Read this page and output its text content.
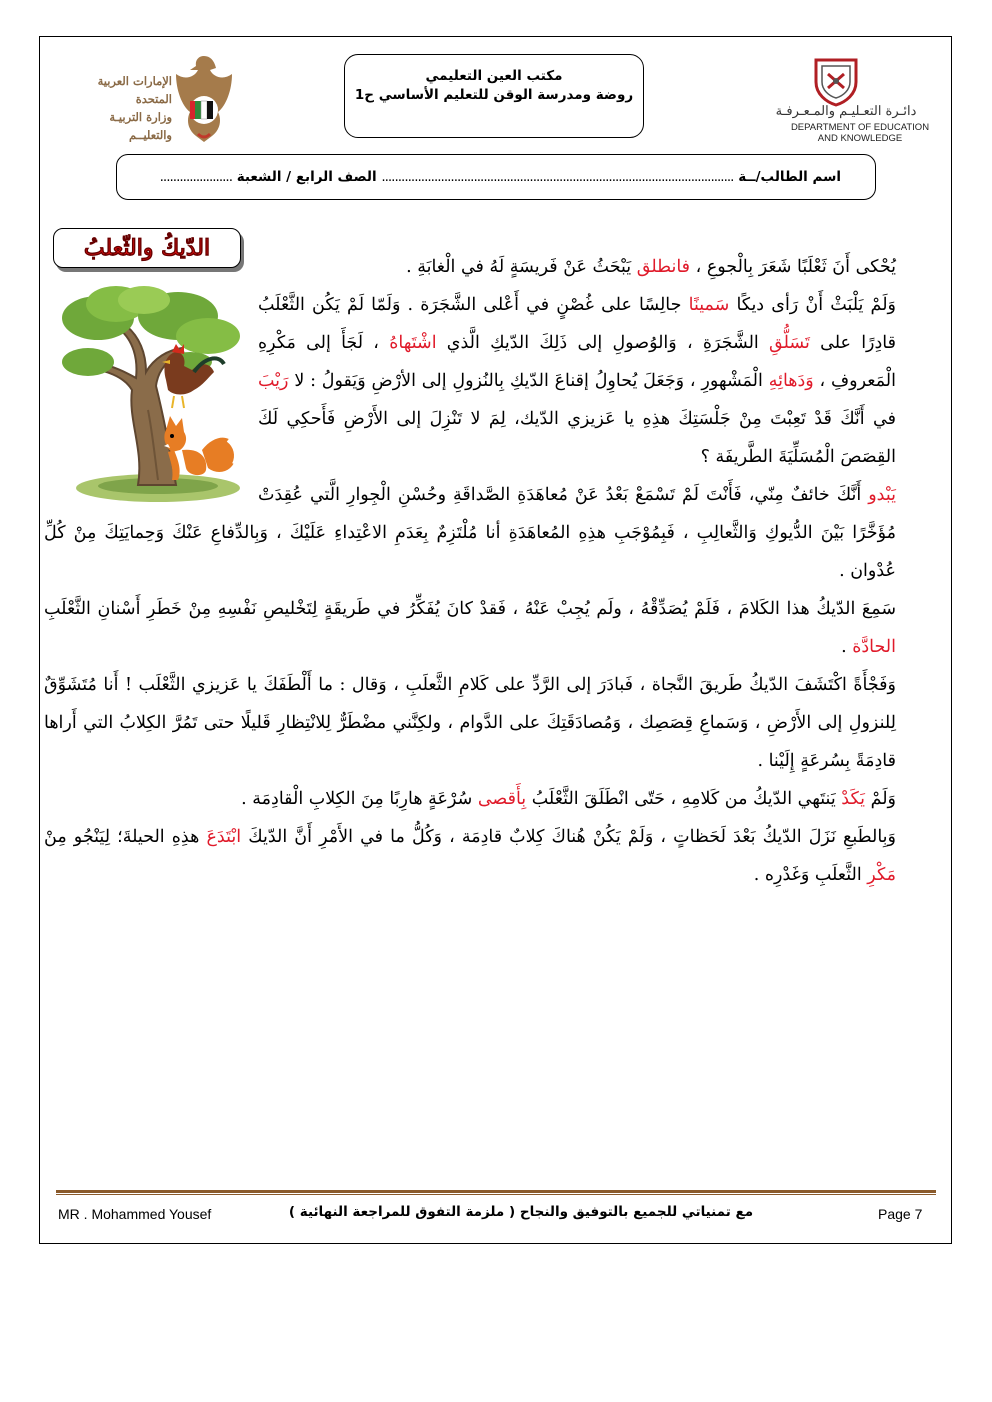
الإمارات العربية المتحدة
وزارة التربيـة والتعليــم
مكتب العين التعليمي
روضة ومدرسة الوقن للتعليم الأساسي ح1
دائـرة التعـليـم والمـعـرفـة
DEPARTMENT OF EDUCATION
AND KNOWLEDGE
اسم الطالب/ــة ........................................................................................................... الصف الرابع / الشعبة ......................
الدّيكُ والثّعلبُ

يُحْكى أَنَ ثَعْلَبًا شَعَرَ بِالْجوعِ ، فانطلق يَبْحَثُ عَنْ فَريسَةٍ لَهُ في الْغابَةِ .

وَلَمْ يَلْبَثْ أَنْ رَأى ديكًا سَمينًا جالِسًا على غُصْنٍ في أَعْلى الشَّجَرَة . وَلَمّا لَمْ يَكُن الثَّعْلَبُ قادِرًا على تَسَلُّقِ الشَّجَرَةِ ، وَالوُصولِ إلى ذَلِكَ الدّيكِ الَّذي اشْتَهاهُ ، لَجَأَ إلى مَكْرِهِ الْمَعروفِ ، وَدَهائِهِ الْمَشْهورِ ، وَجَعَلَ يُحاوِلُ إقناعَ الدّيكِ بِالنُزولِ إلى الأرْضِ وَيَقولُ : لا رَيْبَ في أَنَّكَ قَدْ تَعِبْتَ مِنْ جَلْسَتِكَ هذِهِ يا عَزيزي الدّيك، لِمَ لا تَنْزِلَ إلى الأَرْضِ فَأَحكِي لَكَ القِصَصَ الْمُسَلِّيَةَ الطَّريفَة ؟

يَبْدو أَنَّكَ خائفٌ مِنّي، فَأَنْتَ لَمْ تَسْمَعْ بَعْدُ عَنْ مُعاهَدَةِ الصَّداقَةِ وحُسْنِ الْجِوارِ الَّتي عُقِدَتْ مُؤَخَّرًا بَيْنَ الدُّيوكِ وَالثَّعالِبِ ، فَبِمُوْجَبِ هذِهِ المُعاهَدَةِ أنا مُلْتَزِمٌ بِعَدَمِ الاعْتِداءِ عَلَيْكَ ، وَبِالدِّفاعِ عَنْكَ وَحِمايَتِكَ مِنْ كُلِّ عُدْوان .

سَمِعَ الدّيكُ هذا الكَلامَ ، فَلَمْ يُصَدِّقْهُ ، ولَم يُجِبْ عَنْهُ ، فَقدْ كانَ يُفَكِّرُ في طَريقَةٍ لِتَخْليصِ نَفْسِهِ مِنْ خَطَرِ أَسْنانِ الثَّعْلَبِ الحادَّة .

وَفَجْأَةً اكْتَشَفَ الدّيكُ طَريقَ النَّجاة ، فَبادَرَ إلى الرَّدِّ على كَلامِ الثَّعلَبِ ، وَقال : ما أَلْطَفَكَ يا عَزيزي الثَّعْلَب ! أَنا مُتَشَوِّقٌ لِلنزولِ إلى الأَرْضِ ، وَسَماعِ قِصَصِك ، وَمُصادَقَتِكَ على الدَّوام ، ولكِنَّني مضْطَرٌّ لِلانْتِظارِ قَليلًا حتى تَمُرَّ الكِلابُ التي أَراها قادِمَةً بِسُرعَةٍ إِلَيْنا .

وَلَمْ يَكَدْ يَنتَهي الدّيكُ من كَلامِهِ ، حَتّى انْطَلَقَ الثَّعْلَبُ بِأَقصى سُرْعَةٍ هارِبًا مِنَ الكِلابِ الْقادِمَة .

وَبِالطَبعِ نَزَلَ الدّيكُ بَعْدَ لَحَظاتٍ ، وَلَمْ يَكُنْ هُناكَ كِلابٌ قادِمَة ، وَكُلُّ ما في الأَمْرِ أَنَّ الدّيكَ ابْتَدَعَ هذِهِ الحيلةَ؛ لِيَنْجُو مِنْ مَكْرِ الثَّعلَبِ وَغَدْرِه .

MR . Mohammed Yousef	مع تمنياتي للجميع بالتوفيق والنجاح ( ملزمة التفوق للمراجعة النهائية )	Page 7
